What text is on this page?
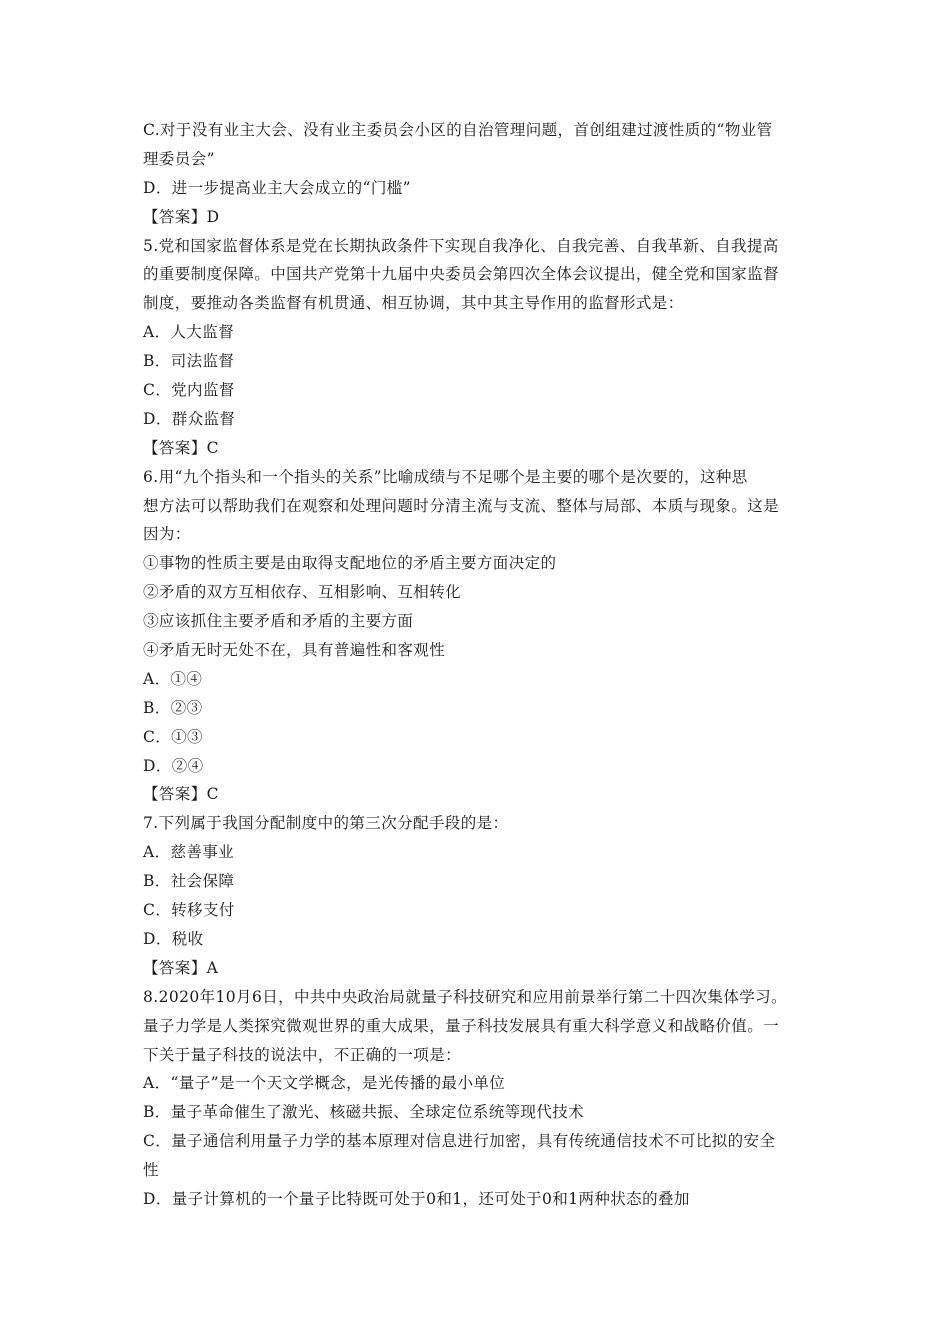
C.对于没有业主大会、没有业主委员会小区的自治管理问题，首创组建过渡性质的“物业管
理委员会”
D．进一步提高业主大会成立的“门槛”
【答案】D
5.党和国家监督体系是党在长期执政条件下实现自我净化、自我完善、自我革新、自我提高
的重要制度保障。中国共产党第十九届中央委员会第四次全体会议提出，健全党和国家监督
制度，要推动各类监督有机贯通、相互协调，其中其主导作用的监督形式是：
A．人大监督
B．司法监督
C．党内监督
D．群众监督
【答案】C
6.用“九个指头和一个指头的关系”比喻成绩与不足哪个是主要的哪个是次要的，这种思
想方法可以帮助我们在观察和处理问题时分清主流与支流、整体与局部、本质与现象。这是
因为：
①事物的性质主要是由取得支配地位的矛盾主要方面决定的
②矛盾的双方互相依存、互相影响、互相转化
③应该抓住主要矛盾和矛盾的主要方面
④矛盾无时无处不在，具有普遍性和客观性
A．①④
B．②③
C．①③
D．②④
【答案】C
7.下列属于我国分配制度中的第三次分配手段的是：
A．慈善事业
B．社会保障
C．转移支付
D．税收
【答案】A
8.2020年10月6日，中共中央政治局就量子科技研究和应用前景举行第二十四次集体学习。
量子力学是人类探究微观世界的重大成果，量子科技发展具有重大科学意义和战略价值。一
下关于量子科技的说法中，不正确的一项是：
A．“量子”是一个天文学概念，是光传播的最小单位
B．量子革命催生了激光、核磁共振、全球定位系统等现代技术
C．量子通信利用量子力学的基本原理对信息进行加密，具有传统通信技术不可比拟的安全
性
D．量子计算机的一个量子比特既可处于0和1，还可处于0和1两种状态的叠加
